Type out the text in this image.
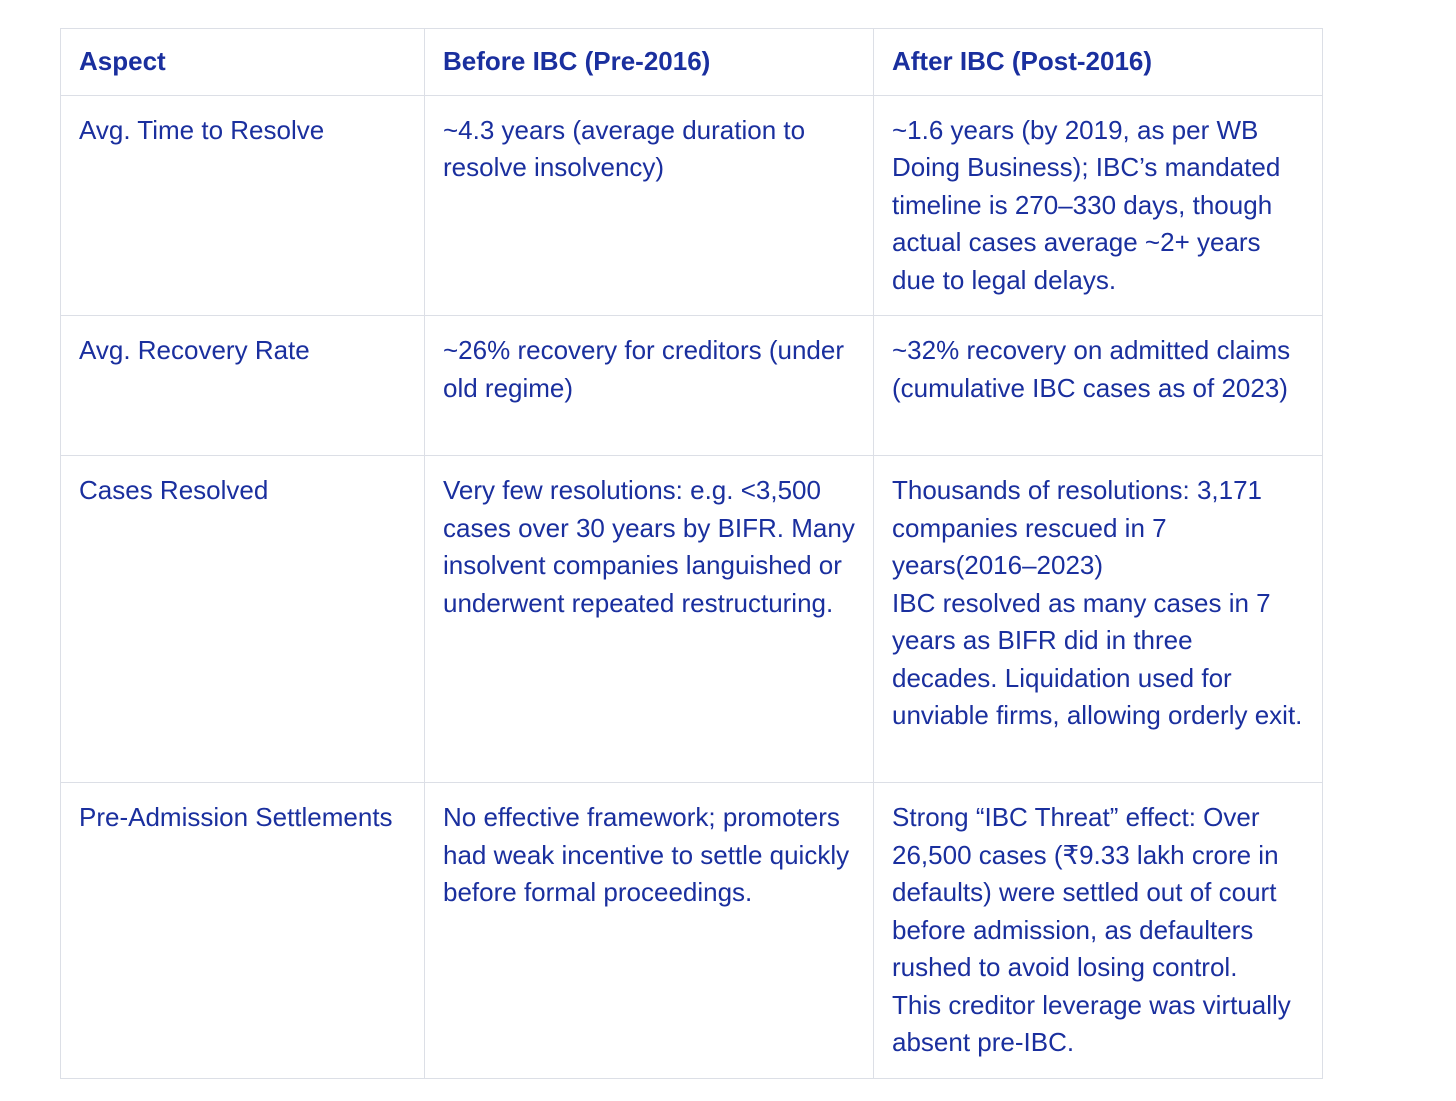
Aspect	Before IBC (Pre-2016)	After IBC (Post-2016)
Avg. Time to Resolve	~4.3 years (average duration to resolve insolvency)	~1.6 years (by 2019, as per WB Doing Business); IBC’s mandated timeline is 270–330 days, though actual cases average ~2+ years due to legal delays.

Avg. Recovery Rate	~26% recovery for creditors (under old regime)	~32% recovery on admitted claims (cumulative IBC cases as of 2023)

Cases Resolved	Very few resolutions: e.g. <3,500 cases over 30 years by BIFR. Many insolvent companies languished or underwent repeated restructuring.	Thousands of resolutions: 3,171 companies rescued in 7 years(2016–2023)
IBC resolved as many cases in 7 years as BIFR did in three decades. Liquidation used for unviable firms, allowing orderly exit.

Pre-Admission Settlements	No effective framework; promoters had weak incentive to settle quickly before formal proceedings.	Strong “IBC Threat” effect: Over 26,500 cases (₹9.33 lakh crore in defaults) were settled out of court before admission, as defaulters rushed to avoid losing control.
This creditor leverage was virtually absent pre-IBC.
